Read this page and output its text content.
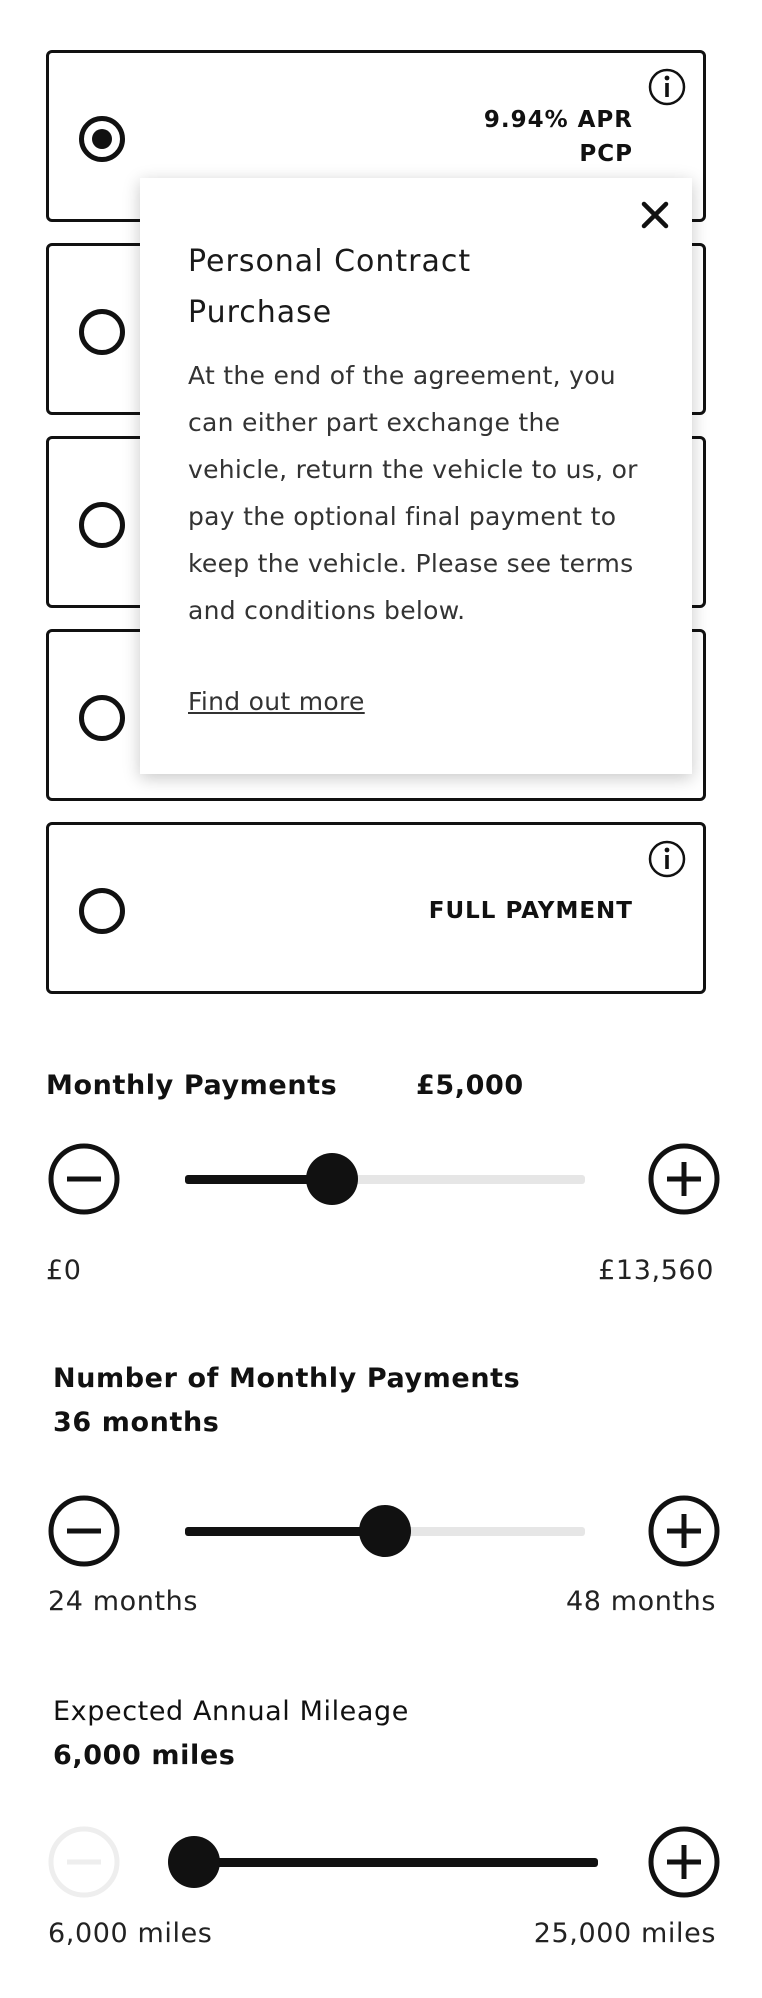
9.94% APR
PCP
FULL PAYMENT
Personal Contract Purchase
At the end of the agreement, you can either part exchange the vehicle, return the vehicle to us, or pay the optional final payment to keep the vehicle. Please see terms and conditions below.
Find out more
Monthly Payments	£5,000
£0	£13,560
Number of Monthly Payments
36 months
24 months	48 months
Expected Annual Mileage
6,000 miles
6,000 miles	25,000 miles
